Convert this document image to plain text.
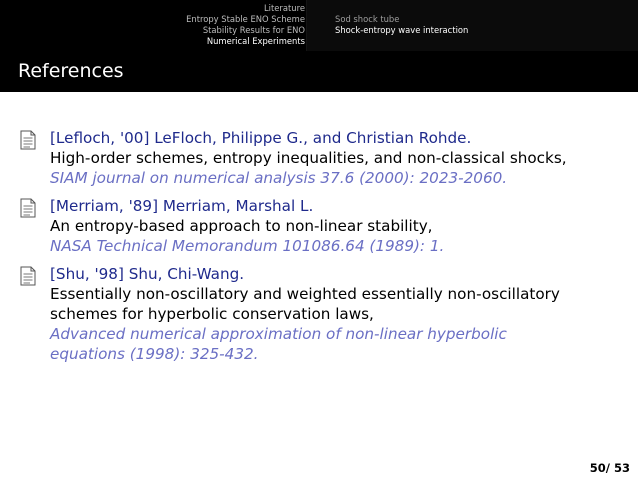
Literature
Entropy Stable ENO Scheme
Stability Results for ENO
Numerical Experiments
Sod shock tube
Shock-entropy wave interaction
References
[Lefloch, '00] LeFloch, Philippe G., and Christian Rohde.
High-order schemes, entropy inequalities, and non-classical shocks,
SIAM journal on numerical analysis 37.6 (2000): 2023-2060.
[Merriam, '89] Merriam, Marshal L.
An entropy-based approach to non-linear stability,
NASA Technical Memorandum 101086.64 (1989): 1.
[Shu, '98] Shu, Chi-Wang.
Essentially non-oscillatory and weighted essentially non-oscillatory
schemes for hyperbolic conservation laws,
Advanced numerical approximation of non-linear hyperbolic
equations (1998): 325-432.
50/ 53
